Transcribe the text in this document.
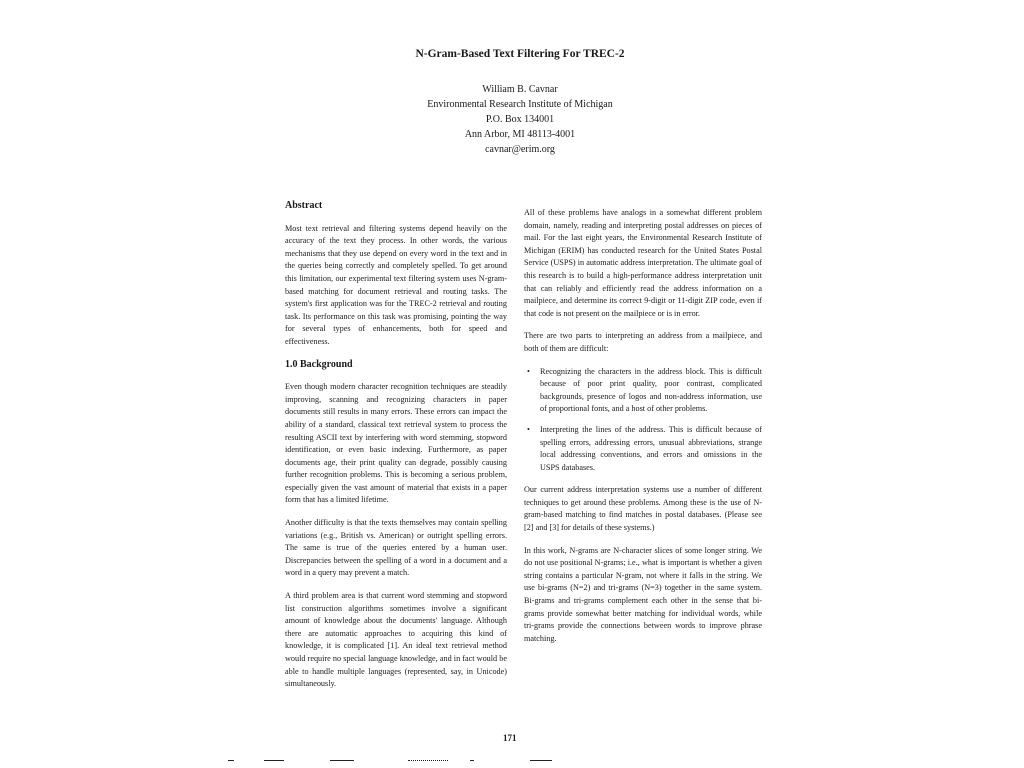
N-Gram-Based Text Filtering For TREC-2
William B. Cavnar
Environmental Research Institute of Michigan
P.O. Box 134001
Ann Arbor, MI 48113-4001
cavnar@erim.org
Abstract

Most text retrieval and filtering systems depend heavily on the accuracy of the text they process. In other words, the various mechanisms that they use depend on every word in the text and in the queries being correctly and completely spelled. To get around this limitation, our experimental text filtering system uses N-gram-based matching for document retrieval and routing tasks. The system's first application was for the TREC-2 retrieval and routing task. Its performance on this task was promising, pointing the way for several types of enhancements, both for speed and effectiveness.

1.0 Background

Even though modern character recognition techniques are steadily improving, scanning and recognizing characters in paper documents still results in many errors. These errors can impact the ability of a standard, classical text retrieval system to process the resulting ASCII text by interfering with word stemming, stopword identification, or even basic indexing. Furthermore, as paper documents age, their print quality can degrade, possibly causing further recognition problems. This is becoming a serious problem, especially given the vast amount of material that exists in a paper form that has a limited lifetime.

Another difficulty is that the texts themselves may contain spelling variations (e.g., British vs. American) or outright spelling errors. The same is true of the queries entered by a human user. Discrepancies between the spelling of a word in a document and a word in a query may prevent a match.

A third problem area is that current word stemming and stopword list construction algorithms sometimes involve a significant amount of knowledge about the documents' language. Although there are automatic approaches to acquiring this kind of knowledge, it is complicated [1]. An ideal text retrieval method would require no special language knowledge, and in fact would be able to handle multiple languages (represented, say, in Unicode) simultaneously.

All of these problems have analogs in a somewhat different problem domain, namely, reading and interpreting postal addresses on pieces of mail. For the last eight years, the Environmental Research Institute of Michigan (ERIM) has conducted research for the United States Postal Service (USPS) in automatic address interpretation. The ultimate goal of this research is to build a high-performance address interpretation unit that can reliably and efficiently read the address information on a mailpiece, and determine its correct 9-digit or 11-digit ZIP code, even if that code is not present on the mailpiece or is in error.

There are two parts to interpreting an address from a mailpiece, and both of them are difficult:

• Recognizing the characters in the address block. This is difficult because of poor print quality, poor contrast, complicated backgrounds, presence of logos and non-address information, use of proportional fonts, and a host of other problems.
• Interpreting the lines of the address. This is difficult because of spelling errors, addressing errors, unusual abbreviations, strange local addressing conventions, and errors and omissions in the USPS databases.

Our current address interpretation systems use a number of different techniques to get around these problems. Among these is the use of N-gram-based matching to find matches in postal databases. (Please see [2] and [3] for details of these systems.)

In this work, N-grams are N-character slices of some longer string. We do not use positional N-grams; i.e., what is important is whether a given string contains a particular N-gram, not where it falls in the string. We use bi-grams (N=2) and tri-grams (N=3) together in the same system. Bi-grams and tri-grams complement each other in the sense that bi-grams provide somewhat better matching for individual words, while tri-grams provide the connections between words to improve phrase matching.

171
